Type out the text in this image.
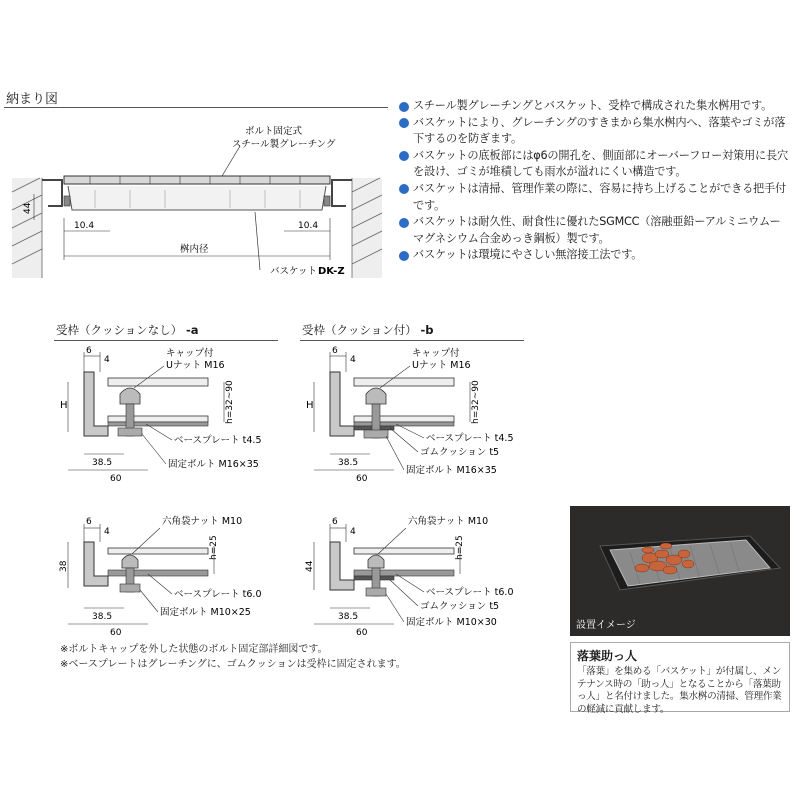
納まり図
ボルト固定式
スチール製グレーチング
44
10.4	10.4
桝内径
バスケット DK-Z

スチール製グレーチングとバスケット、受枠で構成された集水桝用です。

バスケットにより、グレーチングのすきまから集水桝内へ、落葉やゴミが落下するのを防ぎます。

バスケットの底板部にはφ6の開孔を、側面部にオーバーフロー対策用に長穴を設け、ゴミが堆積しても雨水が溢れにくい構造です。

バスケットは清掃、管理作業の際に、容易に持ち上げることができる把手付です。

バスケットは耐久性、耐食性に優れたSGMCC（溶融亜鉛ーアルミニウムーマグネシウム合金めっき鋼板）製です。

バスケットは環境にやさしい無溶接工法です。

受枠（クッションなし） -a	受枠（クッション付） -b
6
4
H	h=32~90
38.5
60
キャップ付
Uナット M16
ベースプレート t4.5
固定ボルト M16×35
6
4
H	h=32~90
38.5
60
キャップ付
Uナット M16
ベースプレート t4.5
ゴムクッション t5
固定ボルト M16×35
6
4
38
h=25
38.5
60
六角袋ナット M10
ベースプレート t6.0
固定ボルト M10×25
6
4
44
h=25
38.5
60
六角袋ナット M10
ベースプレート t6.0
ゴムクッション t5
固定ボルト M10×30
※ボルトキャップを外した状態のボルト固定部詳細図です。
※ベースプレートはグレーチングに、ゴムクッションは受枠に固定されます。
設置イメージ
落葉助っ人
「落葉」を集める「バスケット」が付属し、メンテナンス時の「助っ人」となることから「落葉助っ人」と名付けました。集水桝の清掃、管理作業の軽減に貢献します。
